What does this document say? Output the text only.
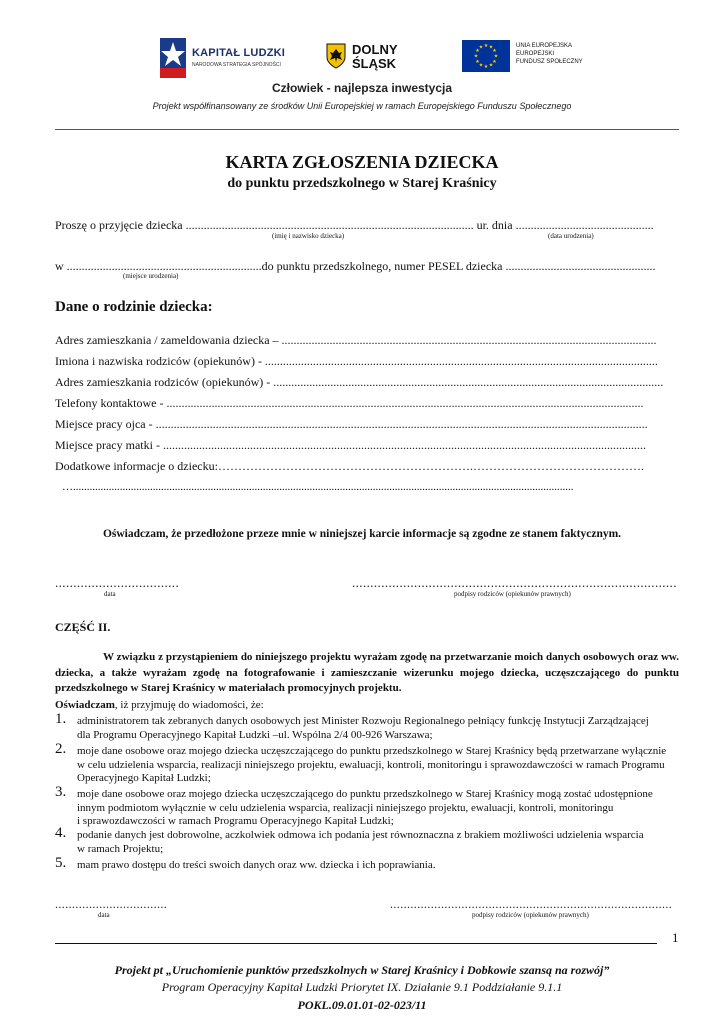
KAPITAŁ LUDZKI
NARODOWA STRATEGIA SPÓJNOŚCI
DOLNY
ŚLĄSK
★ ★
★
★
★
★
★
★
★
★
★
★	UNIA EUROPEJSKA
EUROPEJSKI
FUNDUSZ SPOŁECZNY
Człowiek - najlepsza inwestycja
Projekt współfinansowany ze środków Unii Europejskiej w ramach Europejskiego Funduszu Społecznego
KARTA ZGŁOSZENIA DZIECKA
do punktu przedszkolnego w Starej Kraśnicy
Proszę o przyjęcie dziecka ................................................................................................ ur. dnia ..............................................
(imię i nazwisko dziecka)	(data urodzenia)
w .................................................................do punktu przedszkolnego, numer PESEL dziecka ..................................................
(miejsce urodzenia)
Dane o rodzinie dziecka:
Adres zamieszkania / zameldowania dziecka – .............................................................................................................................
Imiona i nazwiska rodziców (opiekunów) - ...................................................................................................................................
Adres zamieszkania rodziców (opiekunów) - ..................................................................................................................................
Telefony kontaktowe - ...............................................................................................................................................................
Miejsce pracy ojca - ....................................................................................................................................................................
Miejsce pracy matki - .................................................................................................................................................................
Dodatkowe informacje o dziecku:……………………………………………………….…………………………………….
…......................................................................................................................................................................................
Oświadczam, że przedłożone przeze mnie w niniejszej karcie informacje są zgodne ze stanem faktycznym.
..................................
data
.........................................................................................
podpisy rodziców (opiekunów prawnych)
CZĘŚĆ II.
W związku z przystąpieniem do niniejszego projektu wyrażam zgodę na przetwarzanie moich danych osobowych oraz ww. dziecka, a także wyrażam zgodę na fotografowanie i zamieszczanie wizerunku mojego dziecka, uczęszczającego do punktu przedszkolnego w Starej Kraśnicy w materiałach promocyjnych projektu.
Oświadczam, iż przyjmuję do wiadomości, że:
1. administratorem tak zebranych danych osobowych jest Minister Rozwoju Regionalnego pełniący funkcję Instytucji Zarządzającej
dla Programu Operacyjnego Kapitał Ludzki –ul. Wspólna 2/4 00-926 Warszawa;
2. moje dane osobowe oraz mojego dziecka uczęszczającego do punktu przedszkolnego w Starej Kraśnicy będą przetwarzane wyłącznie
w celu udzielenia wsparcia, realizacji niniejszego projektu, ewaluacji, kontroli, monitoringu i sprawozdawczości w ramach Programu
Operacyjnego Kapitał Ludzki;
3. moje dane osobowe oraz mojego dziecka uczęszczającego do punktu przedszkolnego w Starej Kraśnicy mogą zostać udostępnione
innym podmiotom wyłącznie w celu udzielenia wsparcia, realizacji niniejszego projektu, ewaluacji, kontroli, monitoringu
i sprawozdawczości w ramach Programu Operacyjnego Kapitał Ludzki;
4. podanie danych jest dobrowolne, aczkolwiek odmowa ich podania jest równoznaczna z brakiem możliwości udzielenia wsparcia
w ramach Projektu;
5. mam prawo dostępu do treści swoich danych oraz ww. dziecka i ich poprawiania.
.................................
data
...................................................................................
podpisy rodziców (opiekunów prawnych)
1
Projekt pt „Uruchomienie punktów przedszkolnych w Starej Kraśnicy i Dobkowie szansą na rozwój”
Program Operacyjny Kapitał Ludzki Priorytet IX. Działanie 9.1 Poddziałanie 9.1.1
POKL.09.01.01-02-023/11
